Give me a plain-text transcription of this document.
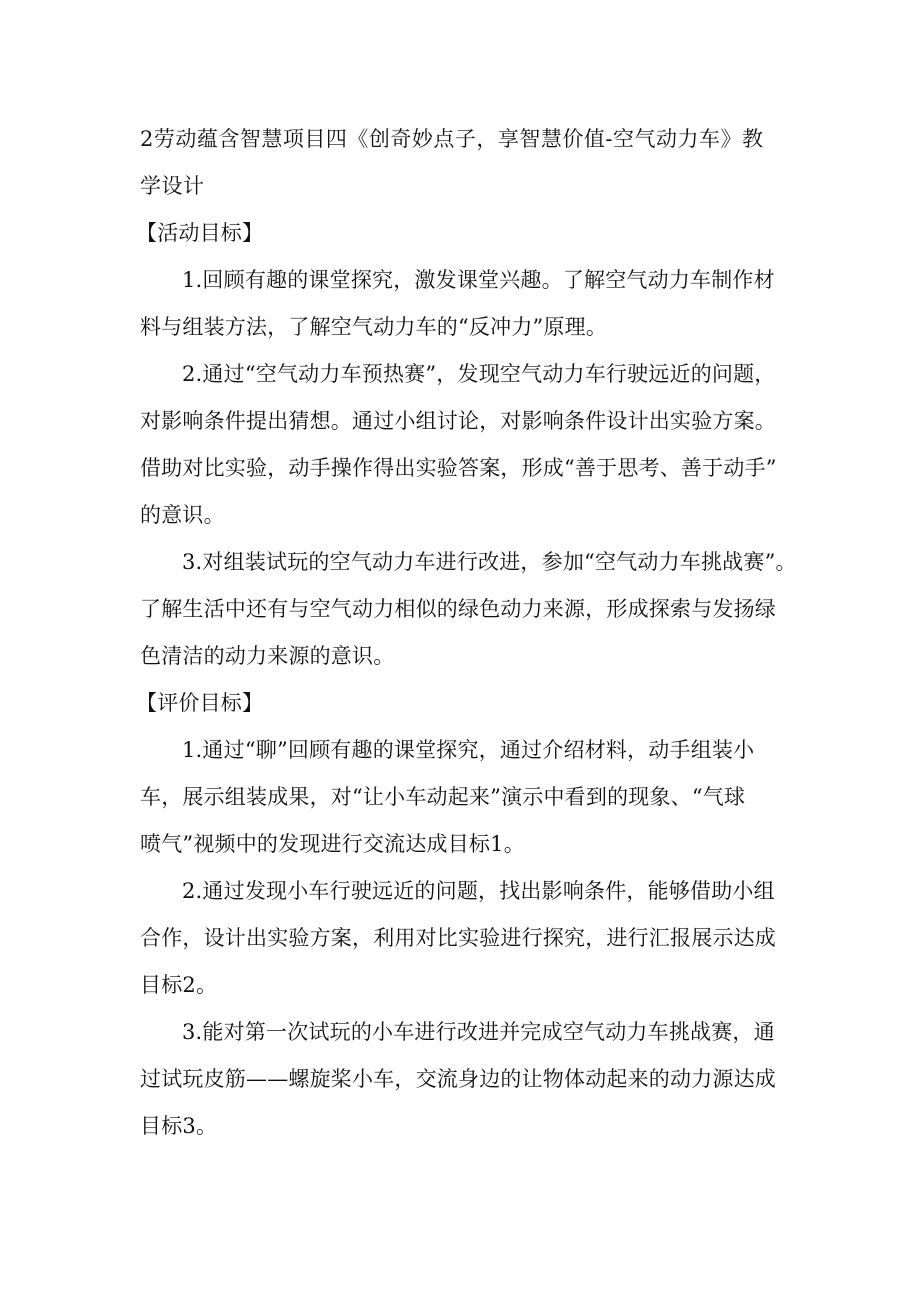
2劳动蕴含智慧项目四《创奇妙点子，享智慧价值-空气动力车》教
学设计
【活动目标】
1.回顾有趣的课堂探究，激发课堂兴趣。了解空气动力车制作材
料与组装方法，了解空气动力车的“反冲力”原理。
2.通过“空气动力车预热赛”，发现空气动力车行驶远近的问题，
对影响条件提出猜想。通过小组讨论，对影响条件设计出实验方案。
借助对比实验，动手操作得出实验答案，形成“善于思考、善于动手”
的意识。
3.对组装试玩的空气动力车进行改进，参加“空气动力车挑战赛”。
了解生活中还有与空气动力相似的绿色动力来源，形成探索与发扬绿
色清洁的动力来源的意识。
【评价目标】
1.通过“聊”回顾有趣的课堂探究，通过介绍材料，动手组装小
车，展示组装成果，对“让小车动起来”演示中看到的现象、“气球
喷气”视频中的发现进行交流达成目标1。
2.通过发现小车行驶远近的问题，找出影响条件，能够借助小组
合作，设计出实验方案，利用对比实验进行探究，进行汇报展示达成
目标2。
3.能对第一次试玩的小车进行改进并完成空气动力车挑战赛，通
过试玩皮筋——螺旋桨小车，交流身边的让物体动起来的动力源达成
目标3。
